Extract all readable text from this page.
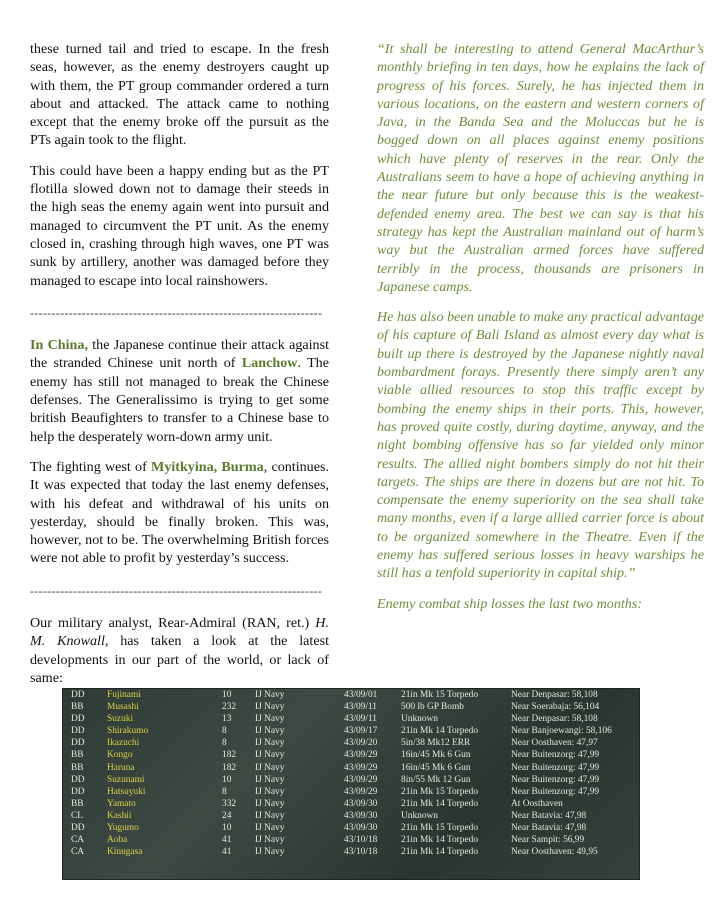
these turned tail and tried to escape. In the fresh seas, however, as the enemy destroyers caught up with them, the PT group commander ordered a turn about and attacked. The attack came to nothing except that the enemy broke off the pursuit as the PTs again took to the flight.

This could have been a happy ending but as the PT flotilla slowed down not to damage their steeds in the high seas the enemy again went into pursuit and managed to circumvent the PT unit. As the enemy closed in, crashing through high waves, one PT was sunk by artillery, another was damaged before they managed to escape into local rainshowers.

--------------------------------------------------------------------

In China, the Japanese continue their attack against the stranded Chinese unit north of Lanchow. The enemy has still not managed to break the Chinese defenses. The Generalissimo is trying to get some british Beaufighters to transfer to a Chinese base to help the desperately worn-down army unit.

The fighting west of Myitkyina, Burma, continues. It was expected that today the last enemy defenses, with his defeat and withdrawal of his units on yesterday, should be finally broken. This was, however, not to be. The overwhelming British forces were not able to profit by yesterday’s success.

--------------------------------------------------------------------

Our military analyst, Rear-Admiral (RAN, ret.) H. M. Knowall, has taken a look at the latest developments in our part of the world, or lack of same:

“It shall be interesting to attend General MacArthur’s monthly briefing in ten days, how he explains the lack of progress of his forces. Surely, he has injected them in various locations, on the eastern and western corners of Java, in the Banda Sea and the Moluccas but he is bogged down on all places against enemy positions which have plenty of reserves in the rear. Only the Australians seem to have a hope of achieving anything in the near future but only because this is the weakest-defended enemy area. The best we can say is that his strategy has kept the Australian mainland out of harm’s way but the Australian armed forces have suffered terribly in the process, thousands are prisoners in Japanese camps.

He has also been unable to make any practical advantage of his capture of Bali Island as almost every day what is built up there is destroyed by the Japanese nightly naval bombardment forays. Presently there simply aren’t any viable allied resources to stop this traffic except by bombing the enemy ships in their ports. This, however, has proved quite costly, during daytime, anyway, and the night bombing offensive has so far yielded only minor results. The allied night bombers simply do not hit their targets. The ships are there in dozens but are not hit. To compensate the enemy superiority on the sea shall take many months, even if a large allied carrier force is about to be organized somewhere in the Theatre. Even if the enemy has suffered serious losses in heavy warships he still has a tenfold superiority in capital ship.”

Enemy combat ship losses the last two months:

DD	Fujinami	10	IJ Navy	43/09/01	21in Mk 15 Torpedo	Near Denpasar: 58,108
BB	Musashi	232	IJ Navy	43/09/11	500 lb GP Bomb	Near Soerabaja: 56,104
DD	Suzuki	13	IJ Navy	43/09/11	Unknown	Near Denpasar: 58,108
DD	Shirakumo	8	IJ Navy	43/09/17	21in Mk 14 Torpedo	Near Banjoewangi: 58,106
DD	Ikazuchi	8	IJ Navy	43/09/20	5in/38 Mk12 ERR	Near Oosthaven: 47,97
BB	Kongo	182	IJ Navy	43/09/29	16in/45 Mk 6 Gun	Near Buitenzorg: 47,99
BB	Haruna	182	IJ Navy	43/09/29	16in/45 Mk 6 Gun	Near Buitenzorg: 47,99
DD	Suzunami	10	IJ Navy	43/09/29	8in/55 Mk 12 Gun	Near Buitenzorg: 47,99
DD	Hatsuyuki	8	IJ Navy	43/09/29	21in Mk 15 Torpedo	Near Buitenzorg: 47,99
BB	Yamato	332	IJ Navy	43/09/30	21in Mk 14 Torpedo	At Oosthaven
CL	Kashii	24	IJ Navy	43/09/30	Unknown	Near Batavia: 47,98
DD	Yugumo	10	IJ Navy	43/09/30	21in Mk 15 Torpedo	Near Batavia: 47,98
CA	Aoba	41	IJ Navy	43/10/18	21in Mk 14 Torpedo	Near Sampit: 56,99
CA	Kinugasa	41	IJ Navy	43/10/18	21in Mk 14 Torpedo	Near Oosthaven: 49,95
